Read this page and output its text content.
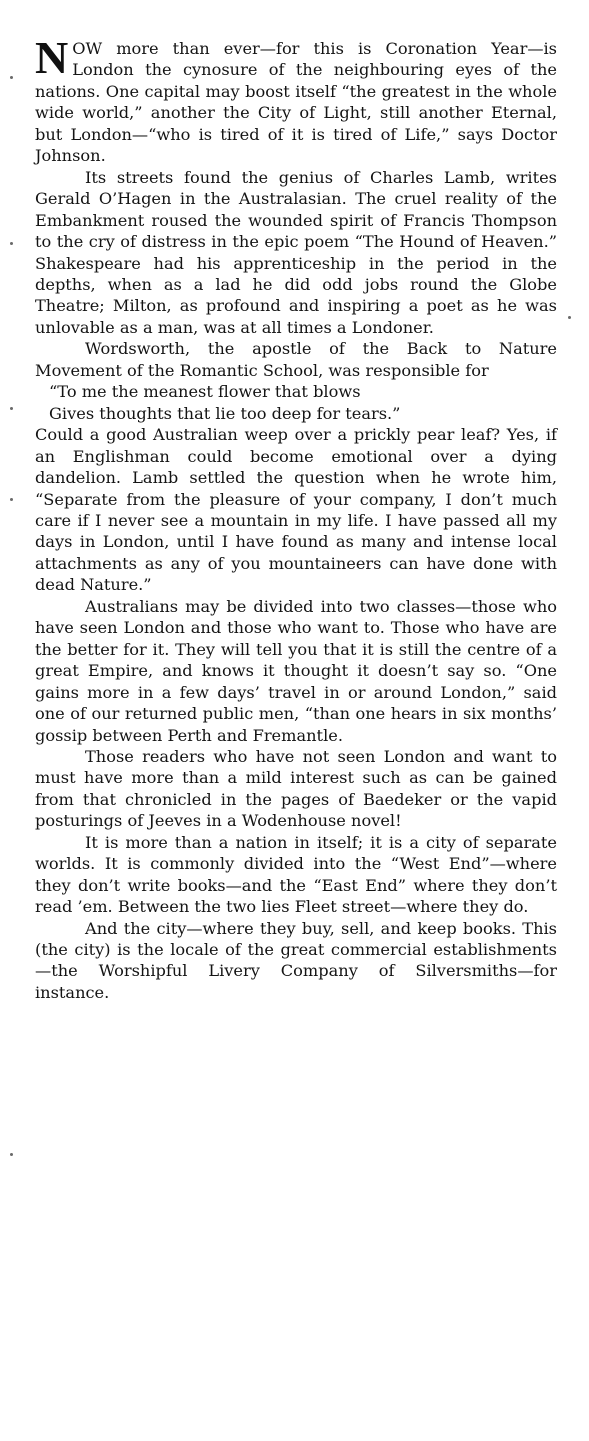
NOW more than ever—for this is Coronation Year—is London the cynosure of the neighbouring eyes of the nations. One capital may boost itself “the greatest in the whole wide world,” another the City of Light, still another Eternal, but London—“who is tired of it is tired of Life,” says Doctor Johnson.

Its streets found the genius of Charles Lamb, writes Gerald O’Hagen in the Australasian. The cruel reality of the Embankment roused the wounded spirit of Francis Thompson to the cry of distress in the epic poem “The Hound of Heaven.” Shakespeare had his apprenticeship in the period in the depths, when as a lad he did odd jobs round the Globe Theatre; Milton, as profound and inspiring a poet as he was unlovable as a man, was at all times a Londoner.

Wordsworth, the apostle of the Back to Nature Movement of the Romantic School, was responsible for

“To me the meanest flower that blows
Gives thoughts that lie too deep for tears.”

Could a good Australian weep over a prickly pear leaf? Yes, if an Englishman could become emotional over a dying dandelion. Lamb settled the question when he wrote him, “Separate from the pleasure of your company, I don’t much care if I never see a mountain in my life. I have passed all my days in London, until I have found as many and intense local attachments as any of you mountaineers can have done with dead Nature.”

Australians may be divided into two classes—those who have seen London and those who want to. Those who have are the better for it. They will tell you that it is still the centre of a great Empire, and knows it thought it doesn’t say so. “One gains more in a few days’ travel in or around London,” said one of our returned public men, “than one hears in six months’ gossip between Perth and Fremantle.

Those readers who have not seen London and want to must have more than a mild interest such as can be gained from that chronicled in the pages of Baedeker or the vapid posturings of Jeeves in a Wodenhouse novel!

It is more than a nation in itself; it is a city of separate worlds. It is commonly divided into the “West End”—where they don’t write books—and the “East End” where they don’t read ’em. Between the two lies Fleet street—where they do.

And the city—where they buy, sell, and keep books. This (the city) is the locale of the great commercial establishments—the Worshipful Livery Company of Silversmiths—for instance.
